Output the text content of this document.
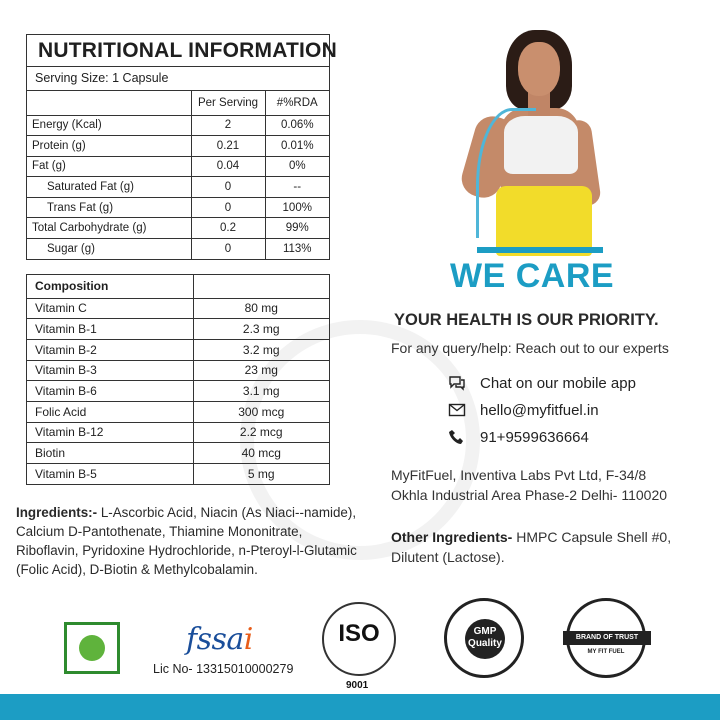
NUTRITIONAL INFORMATION
Serving Size: 1 Capsule
	Per Serving	#%RDA
Energy (Kcal)	2	0.06%
Protein (g)	0.21	0.01%
Fat (g)	0.04	0%
Saturated Fat (g)	0	--
Trans Fat (g)	0	100%
Total Carbohydrate (g)	0.2	99%
Sugar (g)	0	113%
Composition	
Vitamin C	80 mg
Vitamin B-1	2.3 mg
Vitamin B-2	3.2 mg
Vitamin B-3	23 mg
Vitamin B-6	3.1 mg
Folic Acid	300 mcg
Vitamin B-12	2.2 mcg
Biotin	40 mcg
Vitamin B-5	5 mg
Ingredients:- L-Ascorbic Acid, Niacin (As Niaci--namide), Calcium D-Pantothenate, Thiamine Mononitrate, Riboflavin, Pyridoxine Hydrochloride, n-Pteroyl-l-Glutamic (Folic Acid), D-Biotin & Methylcobalamin.
WE CARE
YOUR HEALTH IS OUR PRIORITY.
For any query/help: Reach out to our experts
Chat on our mobile app
hello@myfitfuel.in
91+9599636664
MyFitFuel, Inventiva Labs Pvt Ltd, F-34/8
Okhla Industrial Area Phase-2 Delhi- 110020
Other Ingredients- HMPC Capsule Shell #0, Dilutent (Lactose).
fssai
Lic No- 13315010000279
ISO
9001
GMP
Quality
BRAND OF TRUST
MY FIT FUEL
